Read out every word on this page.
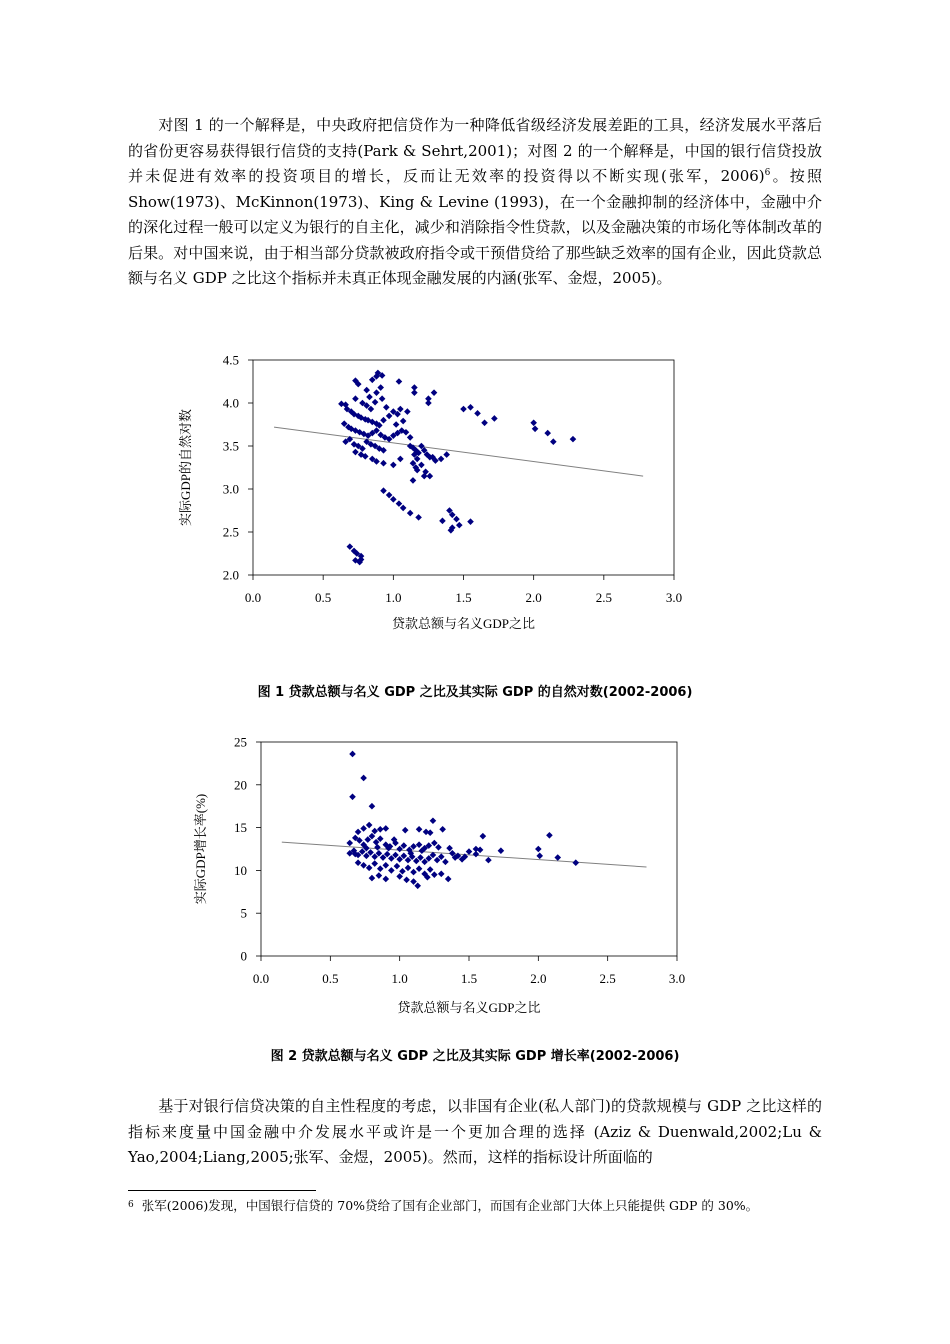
对图 1 的一个解释是，中央政府把信贷作为一种降低省级经济发展差距的工具，经济发展水平落后的省份更容易获得银行信贷的支持(Park & Sehrt,2001)；对图 2 的一个解释是，中国的银行信贷投放并未促进有效率的投资项目的增长，反而让无效率的投资得以不断实现(张军，2006)$^6$。按照 Show(1973)、McKinnon(1973)、King & Levine (1993)，在一个金融抑制的经济体中，金融中介的深化过程一般可以定义为银行的自主化，减少和消除指令性贷款，以及金融决策的市场化等体制改革的后果。对中国来说，由于相当部分贷款被政府指令或干预借贷给了那些缺乏效率的国有企业，因此贷款总额与名义 GDP 之比这个指标并未真正体现金融发展的内涵(张军、金煜，2005)。

2.0
2.5
3.0
3.5
4.0
4.5
0.0	0.5	1.0	1.5	2.0	2.5	3.0
贷款总额与名义GDP之比
实际GDP的自然对数
0
5
10
15
20
25
0.0	0.5	1.0	1.5	2.0	2.5	3.0
贷款总额与名义GDP之比
实际GDP增长率(%)
图 1 贷款总额与名义 GDP 之比及其实际 GDP 的自然对数(2002-2006)
图 2 贷款总额与名义 GDP 之比及其实际 GDP 增长率(2002-2006)

基于对银行信贷决策的自主性程度的考虑，以非国有企业(私人部门)的贷款规模与 GDP 之比这样的指标来度量中国金融中介发展水平或许是一个更加合理的选择 (Aziz & Duenwald,2002;Lu & Yao,2004;Liang,2005;张军、金煜，2005)。然而，这样的指标设计所面临的

$^6$ 张军(2006)发现，中国银行信贷的 70%贷给了国有企业部门，而国有企业部门大体上只能提供 GDP 的 30%。
